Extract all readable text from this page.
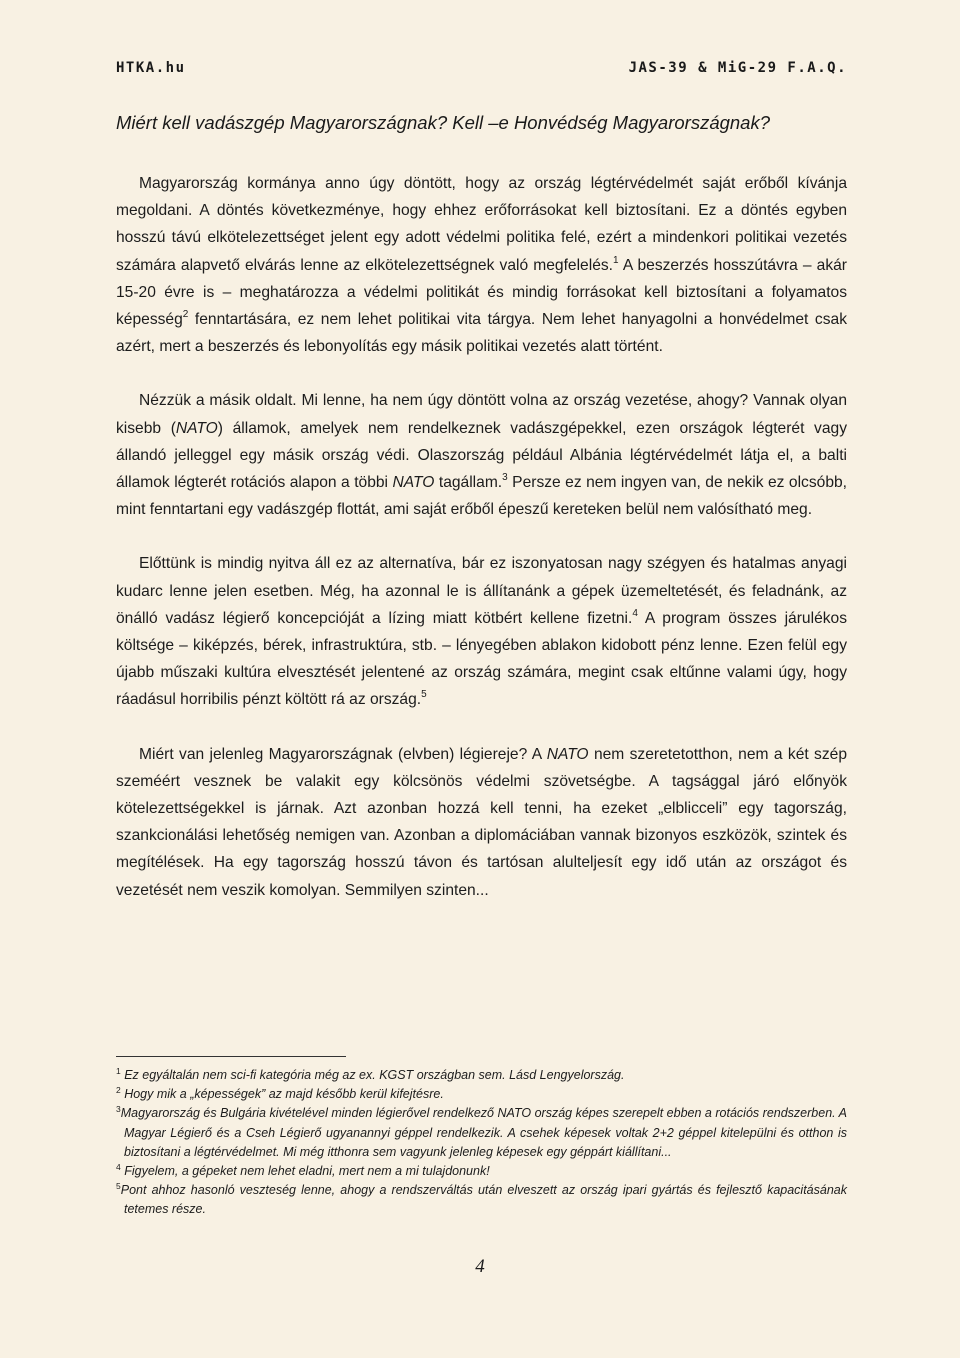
HTKA.hu	JAS-39 & MiG-29 F.A.Q.
Miért kell vadászgép Magyarországnak? Kell –e Honvédség Magyarországnak?

Magyarország kormánya anno úgy döntött, hogy az ország légtérvédelmét saját erőből kívánja megoldani. A döntés következménye, hogy ehhez erőforrásokat kell biztosítani. Ez a döntés egyben hosszú távú elkötelezettséget jelent egy adott védelmi politika felé, ezért a mindenkori politikai vezetés számára alapvető elvárás lenne az elkötelezettségnek való megfelelés.$^1$ A beszerzés hosszútávra – akár 15-20 évre is – meghatározza a védelmi politikát és mindig forrásokat kell biztosítani a folyamatos képesség$^2$ fenntartására, ez nem lehet politikai vita tárgya. Nem lehet hanyagolni a honvédelmet csak azért, mert a beszerzés és lebonyolítás egy másik politikai vezetés alatt történt.

Nézzük a másik oldalt. Mi lenne, ha nem úgy döntött volna az ország vezetése, ahogy? Vannak olyan kisebb (NATO) államok, amelyek nem rendelkeznek vadászgépekkel, ezen országok légterét vagy állandó jelleggel egy másik ország védi. Olaszország például Albánia légtérvédelmét látja el, a balti államok légterét rotációs alapon a többi NATO tagállam.$^3$ Persze ez nem ingyen van, de nekik ez olcsóbb, mint fenntartani egy vadászgép flottát, ami saját erőből épeszű kereteken belül nem valósítható meg.

Előttünk is mindig nyitva áll ez az alternatíva, bár ez iszonyatosan nagy szégyen és hatalmas anyagi kudarc lenne jelen esetben. Még, ha azonnal le is állítanánk a gépek üzemeltetését, és feladnánk, az önálló vadász légierő koncepcióját a lízing miatt kötbért kellene fizetni.$^4$ A program összes járulékos költsége – kiképzés, bérek, infrastruktúra, stb. – lényegében ablakon kidobott pénz lenne. Ezen felül egy újabb műszaki kultúra elvesztését jelentené az ország számára, megint csak eltűnne valami úgy, hogy ráadásul horribilis pénzt költött rá az ország.$^5$

Miért van jelenleg Magyarországnak (elvben) légiereje? A NATO nem szeretetotthon, nem a két szép szeméért vesznek be valakit egy kölcsönös védelmi szövetségbe. A tagsággal járó előnyök kötelezettségekkel is járnak. Azt azonban hozzá kell tenni, ha ezeket „elblicceli” egy tagország, szankcionálási lehetőség nemigen van. Azonban a diplomáciában vannak bizonyos eszközök, szintek és megítélések. Ha egy tagország hosszú távon és tartósan alulteljesít egy idő után az országot és vezetését nem veszik komolyan. Semmilyen szinten...

$^1$ Ez egyáltalán nem sci-fi kategória még az ex. KGST országban sem. Lásd Lengyelország.
$^2$ Hogy mik a „képességek” az majd később kerül kifejtésre.
$^3$Magyarország és Bulgária kivételével minden légierővel rendelkező NATO ország képes szerepelt ebben a rotációs rendszerben. A Magyar Légierő és a Cseh Légierő ugyanannyi géppel rendelkezik. A csehek képesek voltak 2+2 géppel kitelepülni és otthon is biztosítani a légtérvédelmet. Mi még itthonra sem vagyunk jelenleg képesek egy géppárt kiállítani...
$^4$ Figyelem, a gépeket nem lehet eladni, mert nem a mi tulajdonunk!
$^5$Pont ahhoz hasonló veszteség lenne, ahogy a rendszerváltás után elveszett az ország ipari gyártás és fejlesztő kapacitásának tetemes része.
4
